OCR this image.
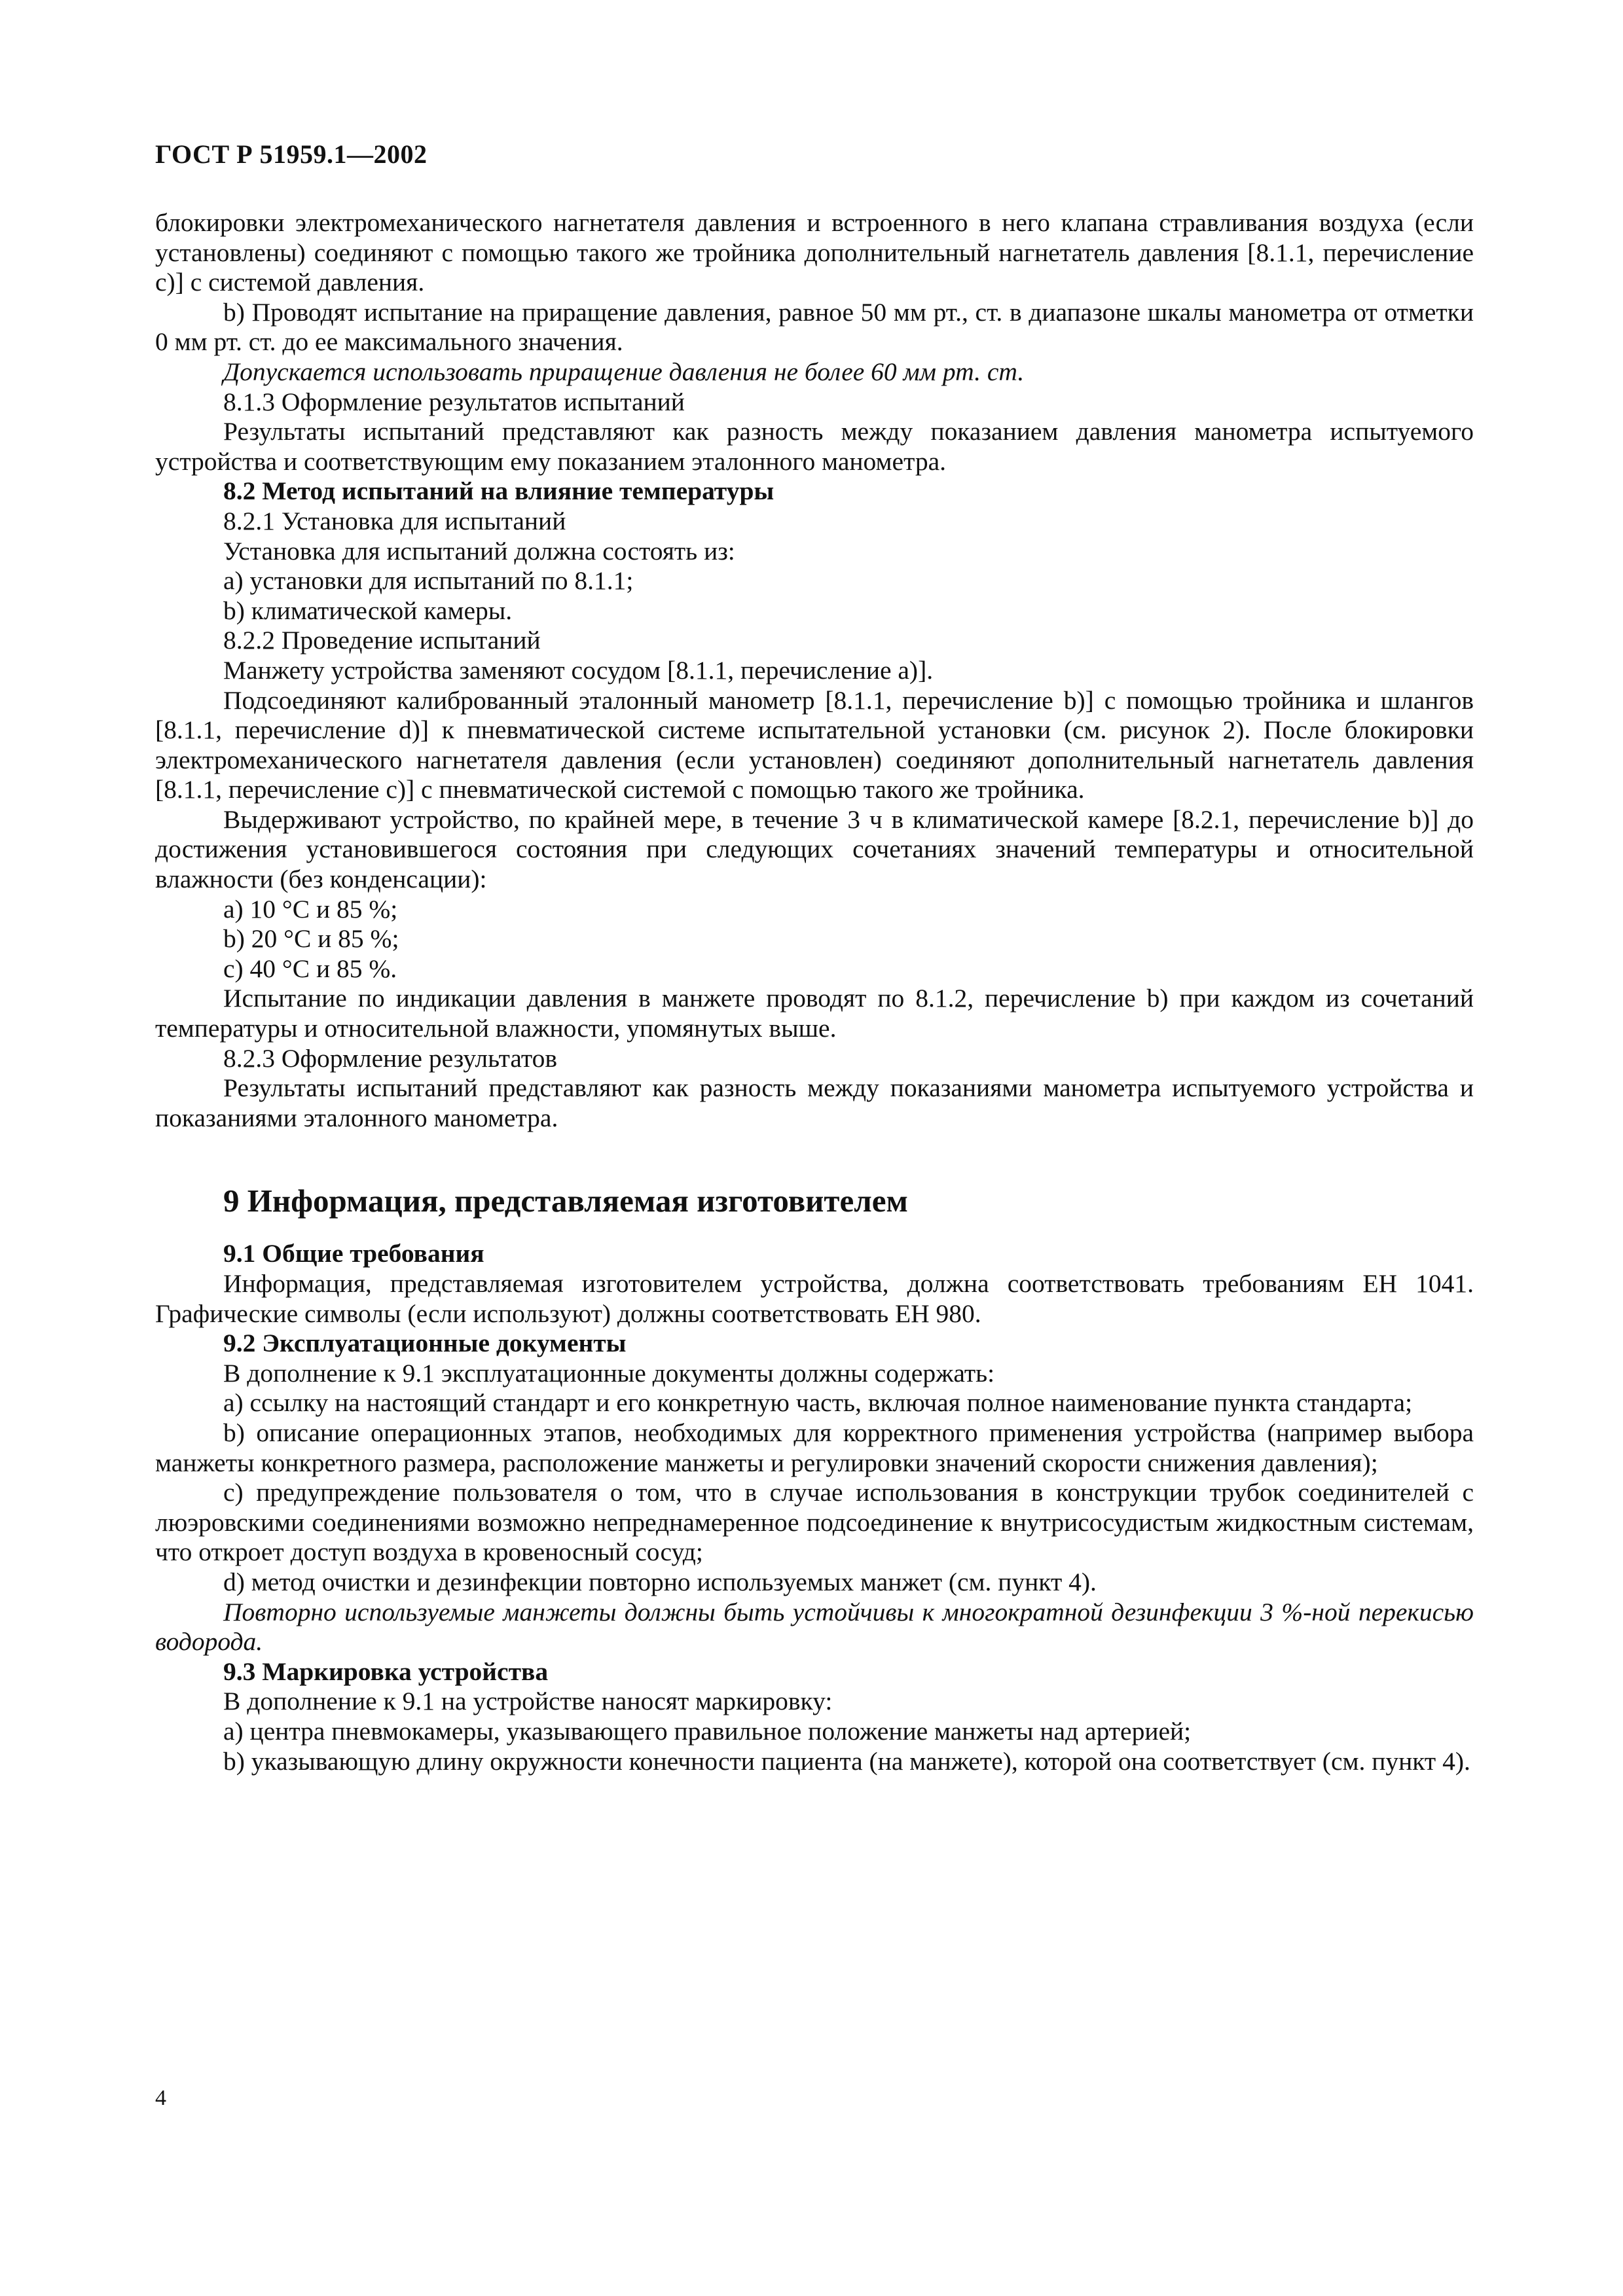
ГОСТ Р 51959.1—2002

блокировки электромеханического нагнетателя давления и встроенного в него клапана стравливания воздуха (если установлены) соединяют с помощью такого же тройника дополнительный нагнетатель давления [8.1.1, перечисление с)] с системой давления.

b) Проводят испытание на приращение давления, равное 50 мм рт., ст. в диапазоне шкалы манометра от отметки 0 мм рт. ст. до ее максимального значения.

Допускается использовать приращение давления не более 60 мм рт. ст.

8.1.3 Оформление результатов испытаний

Результаты испытаний представляют как разность между показанием давления манометра испытуемого устройства и соответствующим ему показанием эталонного манометра.

8.2 Метод испытаний на влияние температуры

8.2.1 Установка для испытаний

Установка для испытаний должна состоять из:

а) установки для испытаний по 8.1.1;

b) климатической камеры.

8.2.2 Проведение испытаний

Манжету устройства заменяют сосудом [8.1.1, перечисление а)].

Подсоединяют калиброванный эталонный манометр [8.1.1, перечисление b)] с помощью тройника и шлангов [8.1.1, перечисление d)] к пневматической системе испытательной установки (см. рисунок 2). После блокировки электромеханического нагнетателя давления (если установлен) соединяют дополнительный нагнетатель давления [8.1.1, перечисление с)] с пневматической системой с помощью такого же тройника.

Выдерживают устройство, по крайней мере, в течение 3 ч в климатической камере [8.2.1, перечисление b)] до достижения установившегося состояния при следующих сочетаниях значений температуры и относительной влажности (без конденсации):

а) 10 °С и 85 %;

b) 20 °С и 85 %;

с) 40 °С и 85 %.

Испытание по индикации давления в манжете проводят по 8.1.2, перечисление b) при каждом из сочетаний температуры и относительной влажности, упомянутых выше.

8.2.3 Оформление результатов

Результаты испытаний представляют как разность между показаниями манометра испытуемого устройства и показаниями эталонного манометра.

9 Информация, представляемая изготовителем

9.1 Общие требования

Информация, представляемая изготовителем устройства, должна соответствовать требованиям ЕН 1041. Графические символы (если используют) должны соответствовать ЕН 980.

9.2 Эксплуатационные документы

В дополнение к 9.1 эксплуатационные документы должны содержать:

а) ссылку на настоящий стандарт и его конкретную часть, включая полное наименование пункта стандарта;

b) описание операционных этапов, необходимых для корректного применения устройства (например выбора манжеты конкретного размера, расположение манжеты и регулировки значений скорости снижения давления);

с) предупреждение пользователя о том, что в случае использования в конструкции трубок соединителей с люэровскими соединениями возможно непреднамеренное подсоединение к внутрисосудистым жидкостным системам, что откроет доступ воздуха в кровеносный сосуд;

d) метод очистки и дезинфекции повторно используемых манжет (см. пункт 4).

Повторно используемые манжеты должны быть устойчивы к многократной дезинфекции 3 %-ной перекисью водорода.

9.3 Маркировка устройства

В дополнение к 9.1 на устройстве наносят маркировку:

а) центра пневмокамеры, указывающего правильное положение манжеты над артерией;

b) указывающую длину окружности конечности пациента (на манжете), которой она соответствует (см. пункт 4).

4
